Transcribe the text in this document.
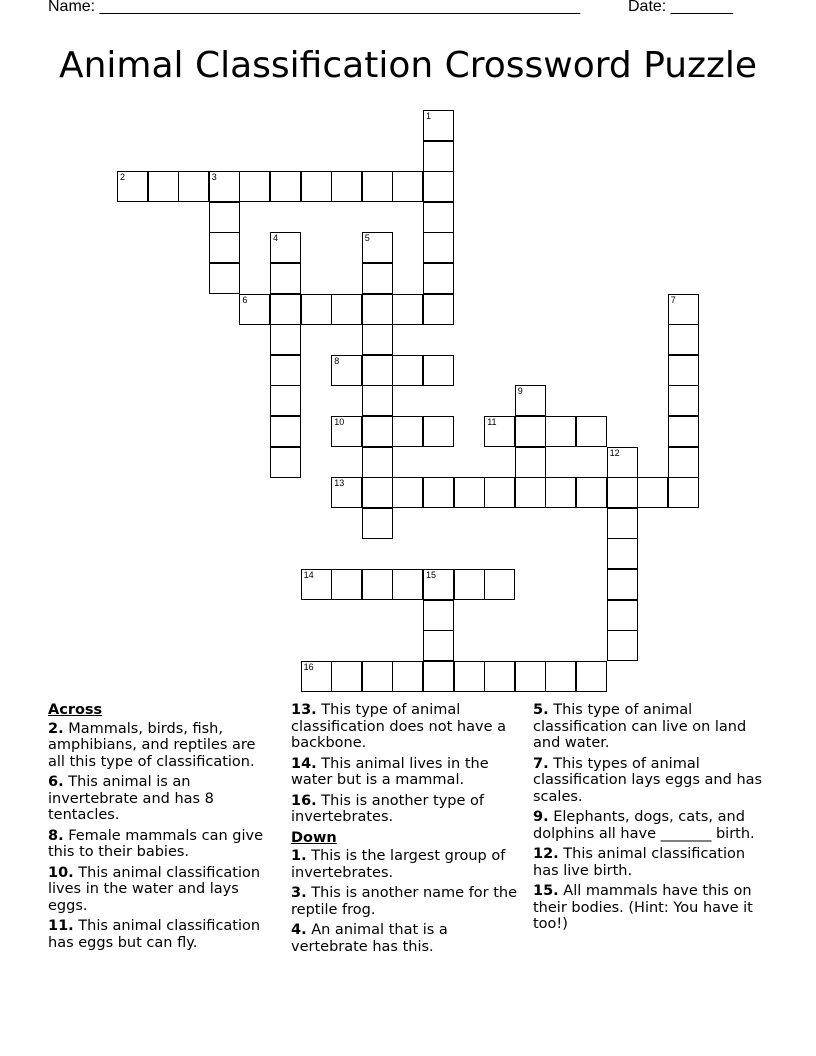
Name: ______________________________________________________	Date: _______
Animal Classification Crossword Puzzle
1
2	3
4	5
6	7
8
9
10	11
12
13
14	15
16
Across
2. Mammals, birds, fish, amphibians, and reptiles are all this type of classification.
6. This animal is an invertebrate and has 8 tentacles.
8. Female mammals can give this to their babies.
10. This animal classification lives in the water and lays eggs.
11. This animal classification has eggs but can fly.
13. This type of animal classification does not have a backbone.
14. This animal lives in the water but is a mammal.
16. This is another type of invertebrates.
Down
1. This is the largest group of invertebrates.
3. This is another name for the reptile frog.
4. An animal that is a vertebrate has this.
5. This type of animal classification can live on land and water.
7. This types of animal classification lays eggs and has scales.
9. Elephants, dogs, cats, and dolphins all have _______ birth.
12. This animal classification has live birth.
15. All mammals have this on their bodies. (Hint: You have it too!)
